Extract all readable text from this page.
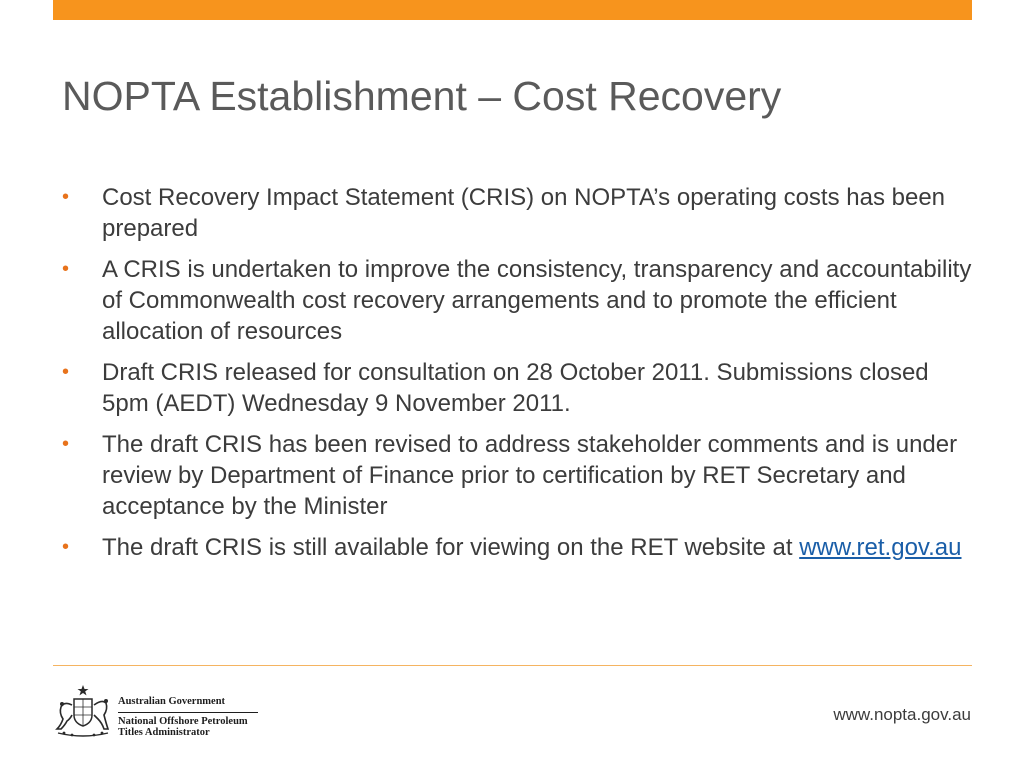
NOPTA Establishment – Cost Recovery
• Cost Recovery Impact Statement (CRIS) on NOPTA’s operating costs has been prepared
• A CRIS is undertaken to improve the consistency, transparency and accountability of Commonwealth cost recovery arrangements and to promote the efficient allocation of resources
• Draft CRIS released for consultation on 28 October 2011. Submissions closed 5pm (AEDT) Wednesday 9 November 2011.
• The draft CRIS has been revised to address stakeholder comments and is under review by Department of Finance prior to certification by RET Secretary and acceptance by the Minister
• The draft CRIS is still available for viewing on the RET website at www.ret.gov.au
Australian Government
National Offshore Petroleum
Titles Administrator
www.nopta.gov.au
